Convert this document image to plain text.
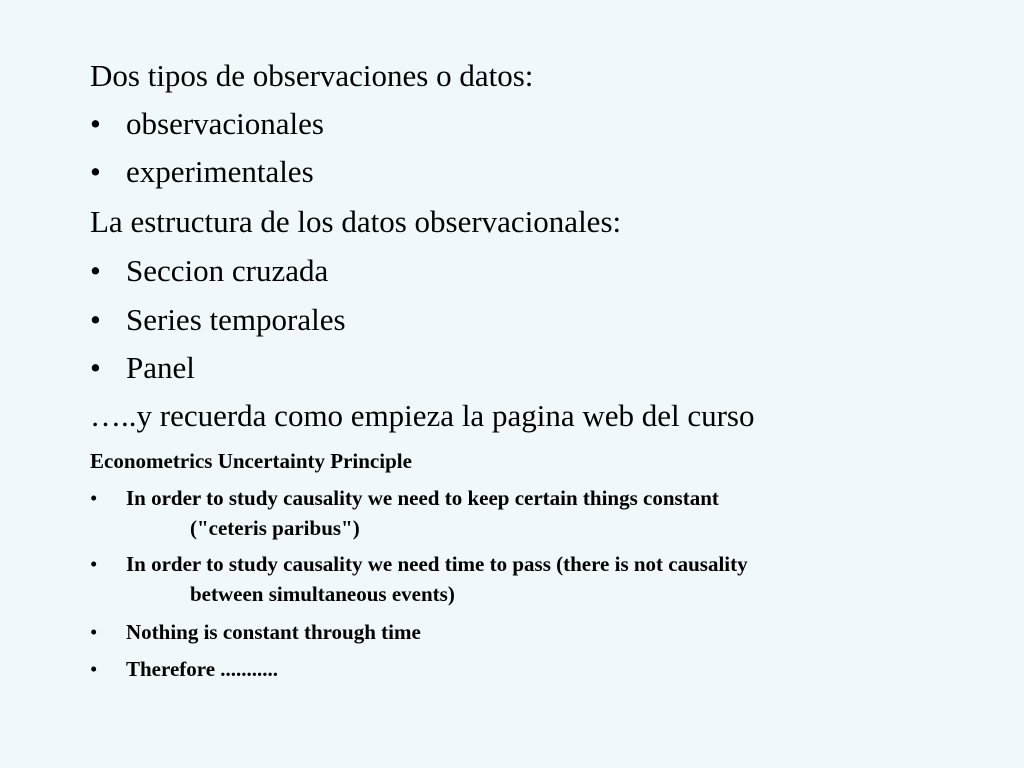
Dos tipos de observaciones o datos:
• observacionales
• experimentales
La estructura de los datos observacionales:
• Seccion cruzada
• Series temporales
• Panel
…..y recuerda como empieza la pagina web del curso
Econometrics Uncertainty Principle
• In order to study causality we need to keep certain things constant
("ceteris paribus")
• In order to study causality we need time to pass (there is not causality
between simultaneous events)
• Nothing is constant through time
• Therefore ...........
